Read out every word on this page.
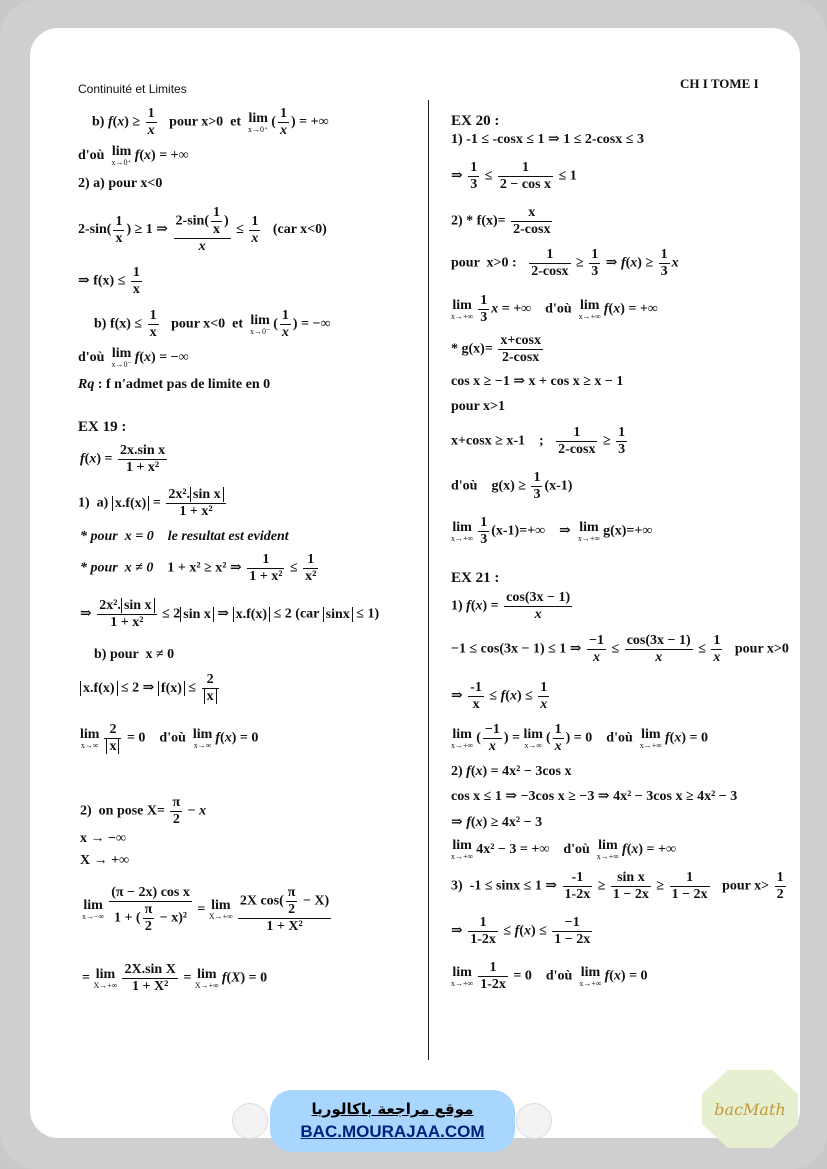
Continuité et Limites	CH I TOME I
b) $f(x) \ge \frac{1}{x}$ pour x>0  et lim
x→0⁺ ( $\frac{1}{x}$ ) = +∞
d'où lim
x→0⁺ f(x) = +∞
2) a) pour x<0
$2-\sin( \frac{1}{x}$ ) ≥ 1 ⇒ $\frac{2-\sin( \frac{1}{x} )}{x} \le \frac{1}{x} (car$ x<0)
⇒ $f(x) \le \frac{1}{x}$
b) $f(x) \le \frac{1}{x}$ pour x<0  et lim
x→0⁻ ( $\frac{1}{x}$ ) = −∞
d'où lim
x→0⁻ f(x) = −∞
Rq : f n'admet pas de limite en 0
EX 19 :
$f(x) = \frac{\text{2x.sin x}}{\text{1 + x²}}$
1)  a) $x.f(x) = \frac{\text{2x². sin x}}{\text{1 + x²}}$
* pour  x = 0    le resultat est evident
* pour  x ≠ 0    1 + x² ≥ x² ⇒ $\frac{1}{\text{1 + x²}} \le \frac{1}{\text{x²}}$
⇒ $\frac{\text{2x². sin x}}{\text{1 + x²}} \le 2$ sin x ⇒ x.f(x) ≤ 2 (car sinx ≤ 1)
b) pour  x ≠ 0
x.f(x) ≤ 2 ⇒ $f(x) \le \frac{2}{x}$
lim
$x\to\infty \frac{2}{x} = 0$    d'où lim
x→∞ f(x) = 0
2)  on pose $X= \frac{\pi}{2} - x$
x → −∞
X → +∞
lim
$x\to-\infty \frac{\text{(π − 2x) cos x}}{1 + ( \frac{\pi}{2} - x)^2} = \lim$
$X\to+\infty \frac{2X \cos( \frac{\pi}{2} - X)}{\text{1 + X²}}$
= lim
$X\to+\infty \frac{\text{2X.sin X}}{\text{1 + X²}} = \lim$
X→+∞ f(X) = 0
EX 20 :
1) -1 ≤ -cosx ≤ 1 ⇒ 1 ≤ 2-cosx ≤ 3
⇒ $\frac{1}{3} \le \frac{1}{\text{2 − cos x}} \le 1$
$2) * f(x)= \frac{x}{2-\cos x}$
pour  x>0 : $\frac{1}{2-\cos x} \ge \frac{1}{3}$ ⇒ $f(x) \ge \frac{1}{3}$ x
lim
$x\to+\infty \frac{1}{3}$ x = +∞    d'où lim
x→+∞ f(x) = +∞
* $g(x)= \frac{x+\cos x}{2-\cos x}$
cos x ≥ −1 ⇒ x + cos x ≥ x − 1
pour x>1
x+cosx ≥ x-1    ; $\frac{1}{2-\cos x} \ge \frac{1}{3}$
d'où    $g(x) \ge \frac{1}{3} (x-1)$
lim
$x\to+\infty \frac{1}{3} (x-1)=+\infty$    ⇒ lim
x→+∞ g(x)=+∞
EX 21 :
1) $f(x) = \frac{\cos(3x - 1)}{x}$
−1 ≤ cos(3x − 1) ≤ 1 ⇒ $\frac{-1}{x} \le \frac{\cos(3x - 1)}{x} \le \frac{1}{x}$ pour x>0
⇒ $\frac{-1}{x} \le f(x) \le \frac{1}{x}$
lim
x→+∞ ( $\frac{-1}{x}$ ) = lim
x→∞ ( $\frac{1}{x}$ ) = 0    d'où lim
x→+∞ f(x) = 0
2) f(x) = 4x² − 3cos x
cos x ≤ 1 ⇒ −3cos x ≥ −3 ⇒ 4x² − 3cos x ≥ 4x² − 3
⇒ f(x) ≥ 4x² − 3
lim
x→+∞ 4x² − 3 = +∞    d'où lim
x→+∞ f(x) = +∞
3)  -1 ≤ sinx ≤ 1 ⇒ $\frac{-1}{1-2x} \ge \frac{\text{sin x}}{1 - 2x} \ge \frac{1}{1 - 2x}$ pour $x> \frac{1}{2}$
⇒ $\frac{1}{1-2x} \le f(x) \le \frac{-1}{1 - 2x}$
lim
$x\to+\infty \frac{1}{1-2x} = 0$    d'où lim
x→+∞ f(x) = 0
موقع مراجعة باكالوريا
BAC.MOURAJAA.COM
bacMath
